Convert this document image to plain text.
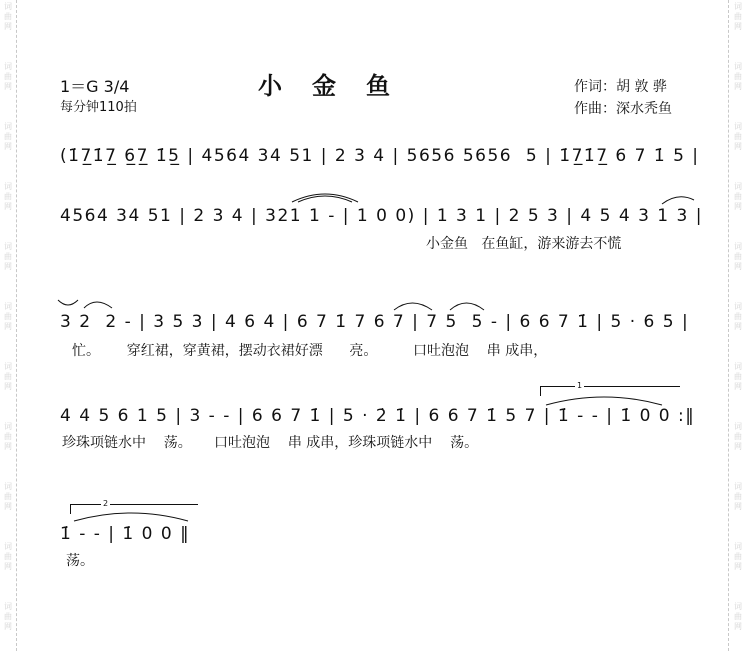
词曲网
词曲网
词曲网
词曲网
词曲网
词曲网
词曲网
词曲网
词曲网
词曲网
词曲网
词曲网
词曲网
词曲网
词曲网
词曲网
词曲网
词曲网
词曲网
词曲网
词曲网
词曲网
小金鱼
1＝G 3/4
每分钟110拍
作词：胡 敦 骅
作曲：深水秃鱼
(1̇7̲1̇7̲ 6̲7̲ 1̇5̲ | 4564 34 51 | 2 3 4 | 5656 5656  5 | 1̇7̲1̇7̲ 6 7 1̇ 5 |
4564 34 51 | 2 3 4 | 321 1 - | 1 0 0) | 1 3 1 | 2 5 3 | 4 5 4 3 1 3 |
小金鱼   在鱼缸，游来游去不慌
3 2  2 - | 3 5 3 | 4 6 4 | 6 7 1̇ 7 6 7 | 7 5  5 - | 6 6 7 1̇ | 5 · 6 5 |
忙。      穿红裙，穿黄裙，摆动衣裙好漂      亮。        口吐泡泡    串 成串，
1
4 4 5 6 1 5 | 3 - - | 6 6 7 1̇ | 5 · 2̇ 1̇ | 6 6 7 1̇ 5 7 | 1̇ - - | 1̇ 0 0 :‖
珍珠项链水中    荡。     口吐泡泡    串 成串，珍珠项链水中    荡。
2
1̇ - - | 1̇ 0 0 ‖
荡。
